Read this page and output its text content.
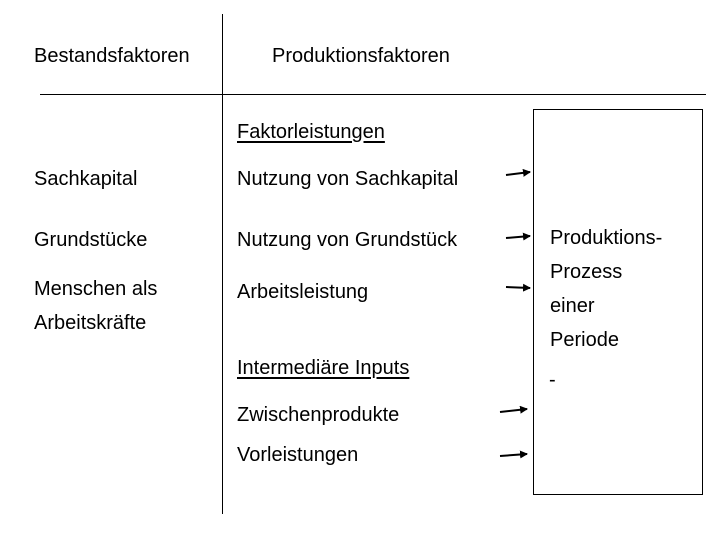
Bestandsfaktoren	Produktionsfaktoren
Faktorleistungen
Sachkapital
Grundstücke
Menschen als Arbeitskräfte
Nutzung von Sachkapital
Nutzung von Grundstück
Arbeitsleistung
Intermediäre Inputs
Zwischenprodukte
Vorleistungen
Produktions-
Prozess
einer
Periode
-
